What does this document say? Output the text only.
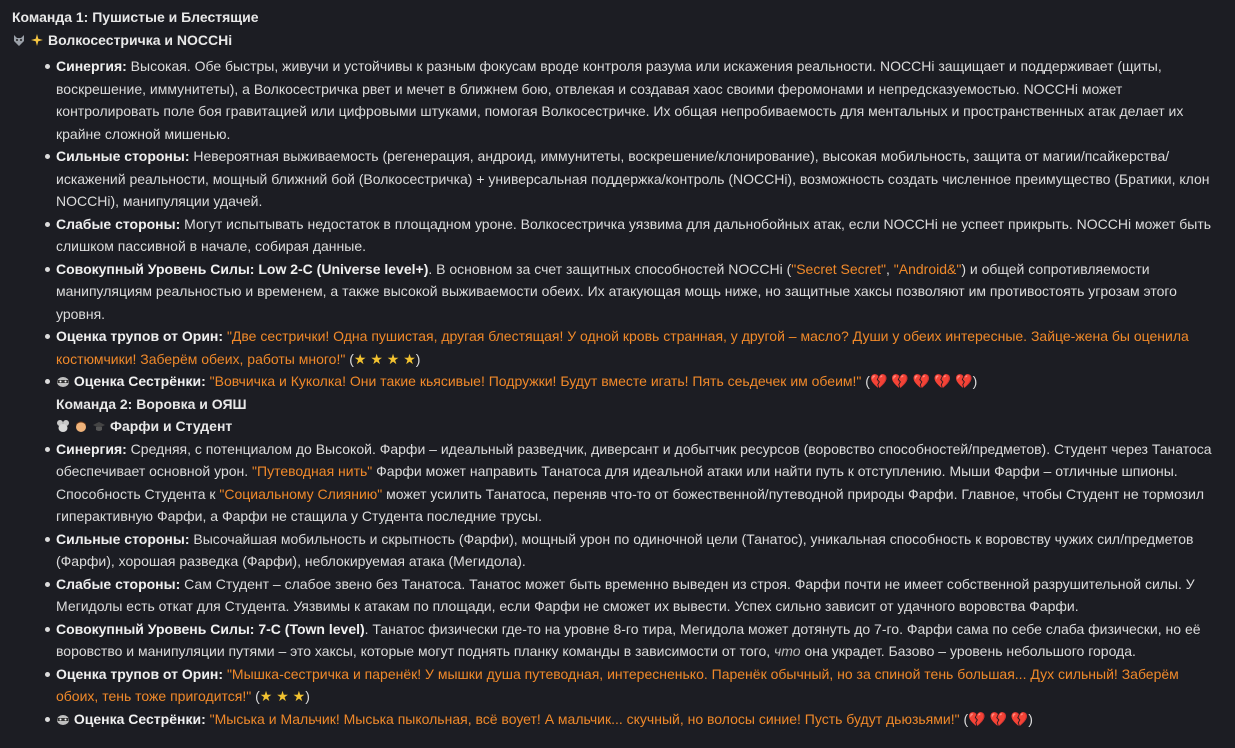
Команда 1: Пушистые и Блестящие
Волкосестричка и NOCCHi
Синергия: Высокая. Обе быстры, живучи и устойчивы к разным фокусам вроде контроля разума или искажения реальности. NOCCHi защищает и поддерживает (щиты, воскрешение, иммунитеты), а Волкосестричка рвет и мечет в ближнем бою, отвлекая и создавая хаос своими феромонами и непредсказуемостью. NOCCHi может контролировать поле боя гравитацией или цифровыми штуками, помогая Волкосестричке. Их общая непробиваемость для ментальных и пространственных атак делает их крайне сложной мишенью.
Сильные стороны: Невероятная выживаемость (регенерация, андроид, иммунитеты, воскрешение/клонирование), высокая мобильность, защита от магии/псайкерства/искажений реальности, мощный ближний бой (Волкосестричка) + универсальная поддержка/контроль (NOCCHi), возможность создать численное преимущество (Братики, клон NOCCHi), манипуляции удачей.
Слабые стороны: Могут испытывать недостаток в площадном уроне. Волкосестричка уязвима для дальнобойных атак, если NOCCHi не успеет прикрыть. NOCCHi может быть слишком пассивной в начале, собирая данные.
Совокупный Уровень Силы: Low 2-C (Universe level+). В основном за счет защитных способностей NOCCHi ("Secret Secret", "Android&") и общей сопротивляемости манипуляциям реальностью и временем, а также высокой выживаемости обеих. Их атакующая мощь ниже, но защитные хаксы позволяют им противостоять угрозам этого уровня.
Оценка трупов от Орин: "Две сестрички! Одна пушистая, другая блестящая! У одной кровь странная, у другой – масло? Души у обеих интересные. Зайце-жена бы оценила костюмчики! Заберём обеих, работы много!" (★ ★ ★ ★)
Оценка Сестрёнки: "Вовчичка и Куколка! Они такие кьясивые! Подружки! Будут вместе игать! Пять сеьдечек им обеим!" (💔 💔 💔 💔 💔)
Команда 2: Воровка и ОЯШ
Фарфи и Студент
Синергия: Средняя, с потенциалом до Высокой. Фарфи – идеальный разведчик, диверсант и добытчик ресурсов (воровство способностей/предметов). Студент через Танатоса обеспечивает основной урон. "Путеводная нить" Фарфи может направить Танатоса для идеальной атаки или найти путь к отступлению. Мыши Фарфи – отличные шпионы. Способность Студента к "Социальному Слиянию" может усилить Танатоса, переняв что-то от божественной/путеводной природы Фарфи. Главное, чтобы Студент не тормозил гиперактивную Фарфи, а Фарфи не стащила у Студента последние трусы.
Сильные стороны: Высочайшая мобильность и скрытность (Фарфи), мощный урон по одиночной цели (Танатос), уникальная способность к воровству чужих сил/предметов (Фарфи), хорошая разведка (Фарфи), неблокируемая атака (Мегидола).
Слабые стороны: Сам Студент – слабое звено без Танатоса. Танатос может быть временно выведен из строя. Фарфи почти не имеет собственной разрушительной силы. У Мегидолы есть откат для Студента. Уязвимы к атакам по площади, если Фарфи не сможет их вывести. Успех сильно зависит от удачного воровства Фарфи.
Совокупный Уровень Силы: 7-C (Town level). Танатос физически где-то на уровне 8-го тира, Мегидола может дотянуть до 7-го. Фарфи сама по себе слаба физически, но её воровство и манипуляции путями – это хаксы, которые могут поднять планку команды в зависимости от того, что она украдет. Базово – уровень небольшого города.
Оценка трупов от Орин: "Мышка-сестричка и паренёк! У мышки душа путеводная, интересненько. Паренёк обычный, но за спиной тень большая... Дух сильный! Заберём обоих, тень тоже пригодится!" (★ ★ ★)
Оценка Сестрёнки: "Мыська и Мальчик! Мыська пыкольная, всё воует! А мальчик... скучный, но волосы синие! Пусть будут дьюзьями!" (💔 💔 💔)
